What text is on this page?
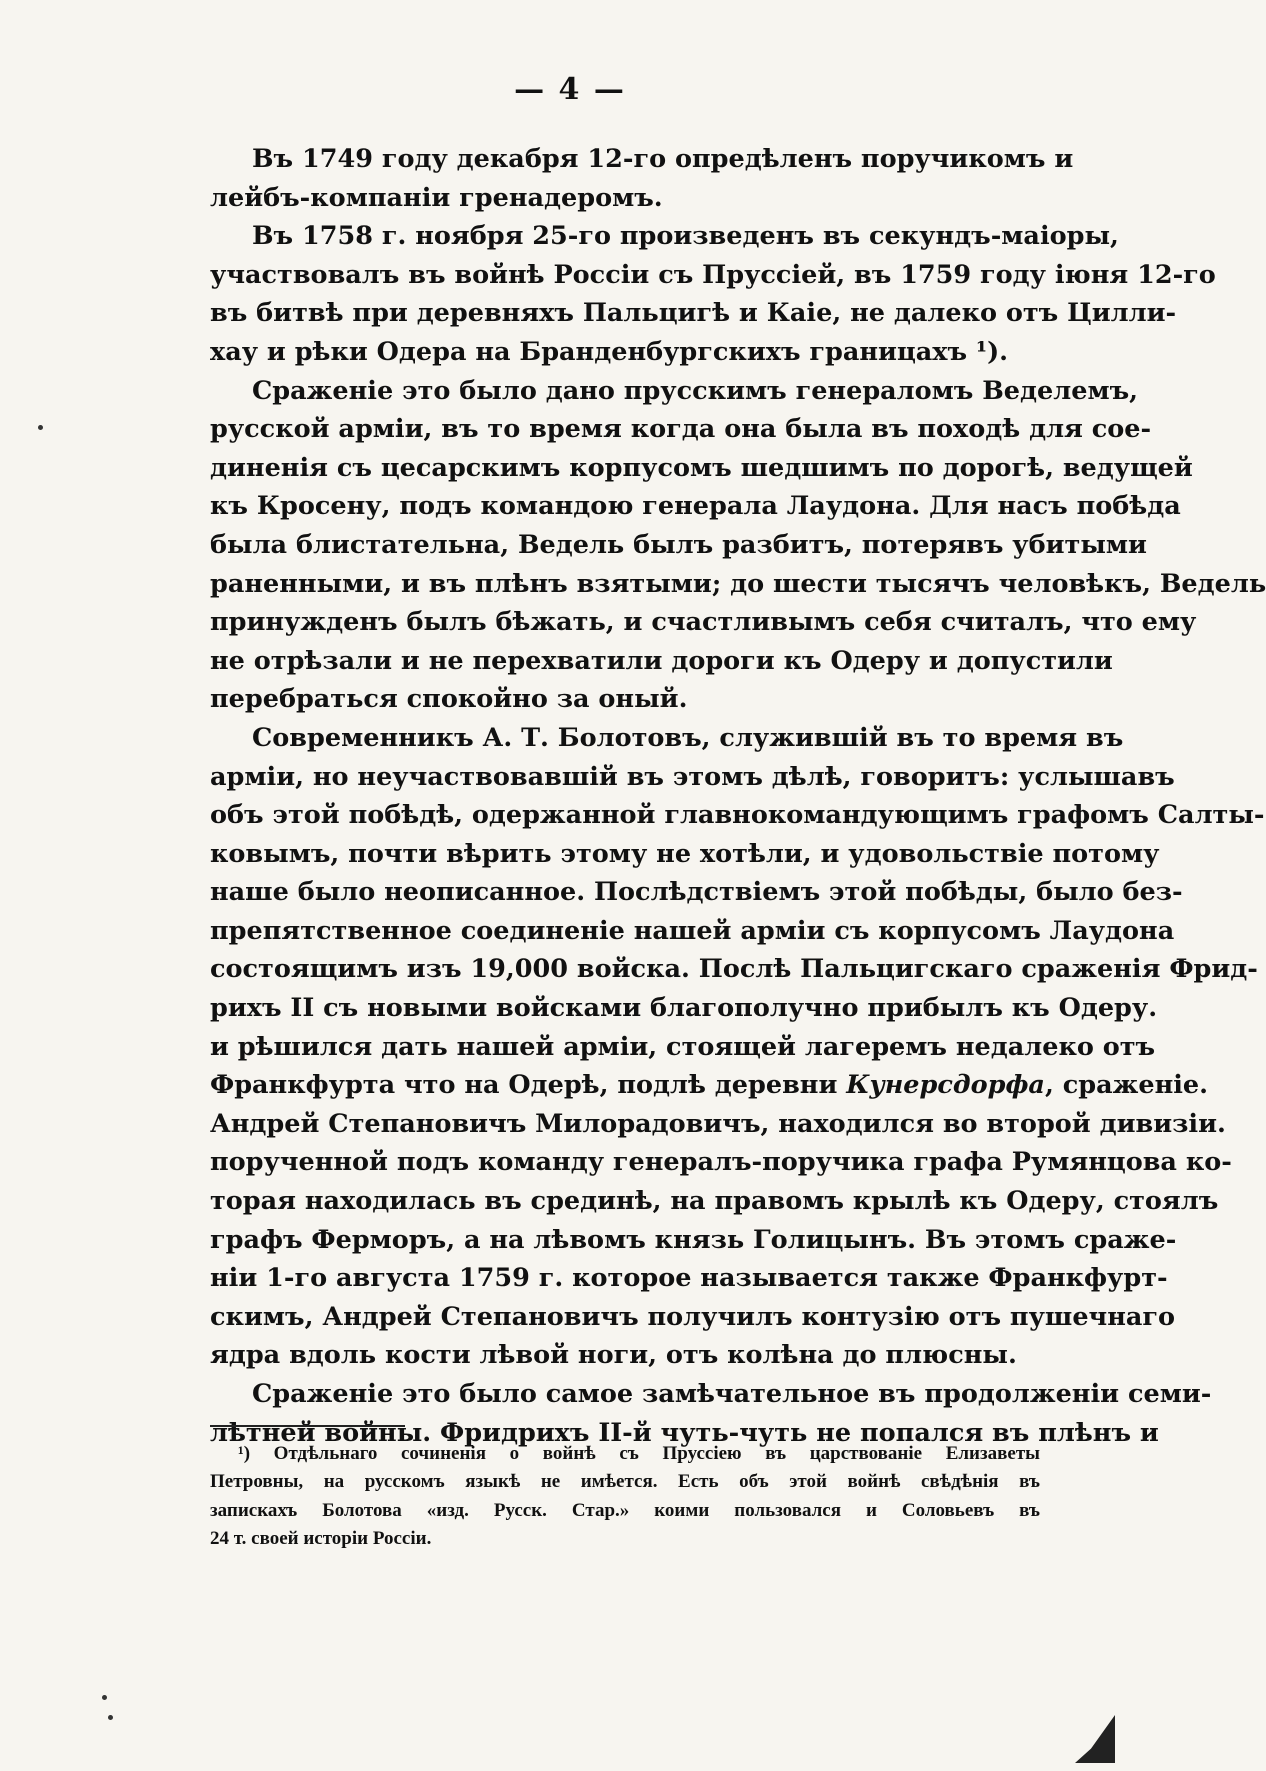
— 4 —

Въ 1749 году декабря 12-го опредѣленъ поручикомъ и
лейбъ-компаніи гренадеромъ.

Въ 1758 г. ноября 25-го произведенъ въ секундъ-маіоры,
участвовалъ въ войнѣ Россіи съ Пруссіей, въ 1759 году іюня 12-го
въ битвѣ при деревняхъ Пальцигѣ и Каіе, не далеко отъ Цилли-
хау и рѣки Одера на Бранденбургскихъ границахъ ¹).

Сраженіе это было дано прусскимъ генераломъ Веделемъ,
русской арміи, въ то время когда она была въ походѣ для сое-
диненія съ цесарскимъ корпусомъ шедшимъ по дорогѣ, ведущей
къ Кросену, подъ командою генерала Лаудона. Для насъ побѣда
была блистательна, Ведель былъ разбитъ, потерявъ убитыми
раненными, и въ плѣнъ взятыми; до шести тысячъ человѣкъ, Ведель
принужденъ былъ бѣжать, и счастливымъ себя считалъ, что ему
не отрѣзали и не перехватили дороги къ Одеру и допустили
перебраться спокойно за оный.

Современникъ А. Т. Болотовъ, служившій въ то время въ
арміи, но неучаствовавшій въ этомъ дѣлѣ, говоритъ: услышавъ
объ этой побѣдѣ, одержанной главнокомандующимъ графомъ Салты-
ковымъ, почти вѣрить этому не хотѣли, и удовольствіе потому
наше было неописанное. Послѣдствіемъ этой побѣды, было без-
препятственное соединеніе нашей арміи съ корпусомъ Лаудона
состоящимъ изъ 19,000 войска. Послѣ Пальцигскаго сраженія Фрид-
рихъ II съ новыми войсками благополучно прибылъ къ Одеру.
и рѣшился дать нашей арміи, стоящей лагеремъ недалеко отъ
Франкфурта что на Одерѣ, подлѣ деревни Кунерсдорфа, сраженіе.
Андрей Степановичъ Милорадовичъ, находился во второй дивизіи.
порученной подъ команду генералъ-поручика графа Румянцова ко-
торая находилась въ срединѣ, на правомъ крылѣ къ Одеру, стоялъ
графъ Ферморъ, а на лѣвомъ князь Голицынъ. Въ этомъ сраже-
ніи 1-го августа 1759 г. которое называется также Франкфурт-
скимъ, Андрей Степановичъ получилъ контузію отъ пушечнаго
ядра вдоль кости лѣвой ноги, отъ колѣна до плюсны.

Сраженіе это было самое замѣчательное въ продолженіи семи-
лѣтней войны. Фридрихъ II-й чуть-чуть не попался въ плѣнъ и

¹) Отдѣльнаго сочиненія о войнѣ съ Пруссіею въ царствованіе Елизаветы
Петровны, на русскомъ языкѣ не имѣется. Есть объ этой войнѣ свѣдѣнія въ
запискахъ Болотова «изд. Русск. Стар.» коими пользовался и Соловьевъ въ
24 т. своей исторіи Россіи.
